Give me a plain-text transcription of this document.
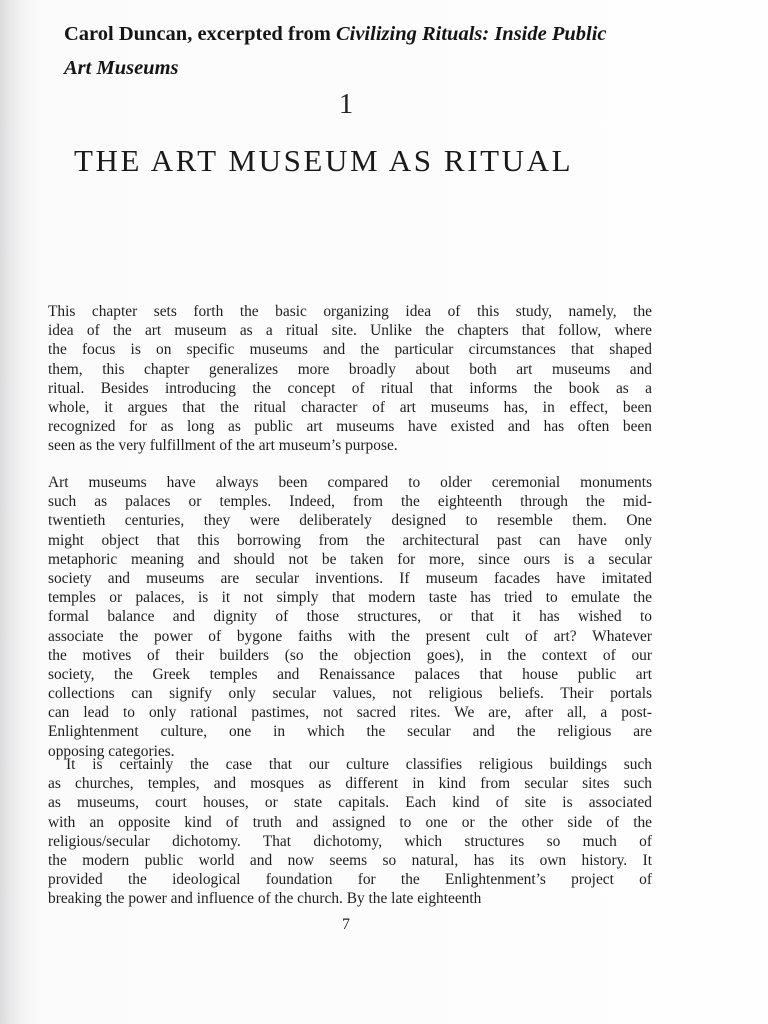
Carol Duncan, excerpted from Civilizing Rituals: Inside Public
Art Museums
1
THE ART MUSEUM AS RITUAL
This chapter sets forth the basic organizing idea of this study, namely, the
idea of the art museum as a ritual site. Unlike the chapters that follow, where
the focus is on specific museums and the particular circumstances that shaped
them, this chapter generalizes more broadly about both art museums and
ritual. Besides introducing the concept of ritual that informs the book as a
whole, it argues that the ritual character of art museums has, in effect, been
recognized for as long as public art museums have existed and has often been
seen as the very fulfillment of the art museum’s purpose.
Art museums have always been compared to older ceremonial monuments
such as palaces or temples. Indeed, from the eighteenth through the mid-
twentieth centuries, they were deliberately designed to resemble them. One
might object that this borrowing from the architectural past can have only
metaphoric meaning and should not be taken for more, since ours is a secular
society and museums are secular inventions. If museum facades have imitated
temples or palaces, is it not simply that modern taste has tried to emulate the
formal balance and dignity of those structures, or that it has wished to
associate the power of bygone faiths with the present cult of art? Whatever
the motives of their builders (so the objection goes), in the context of our
society, the Greek temples and Renaissance palaces that house public art
collections can signify only secular values, not religious beliefs. Their portals
can lead to only rational pastimes, not sacred rites. We are, after all, a post-
Enlightenment culture, one in which the secular and the religious are
opposing categories.
It is certainly the case that our culture classifies religious buildings such
as churches, temples, and mosques as different in kind from secular sites such
as museums, court houses, or state capitals. Each kind of site is associated
with an opposite kind of truth and assigned to one or the other side of the
religious/secular dichotomy. That dichotomy, which structures so much of
the modern public world and now seems so natural, has its own history. It
provided the ideological foundation for the Enlightenment’s project of
breaking the power and influence of the church. By the late eighteenth
7
